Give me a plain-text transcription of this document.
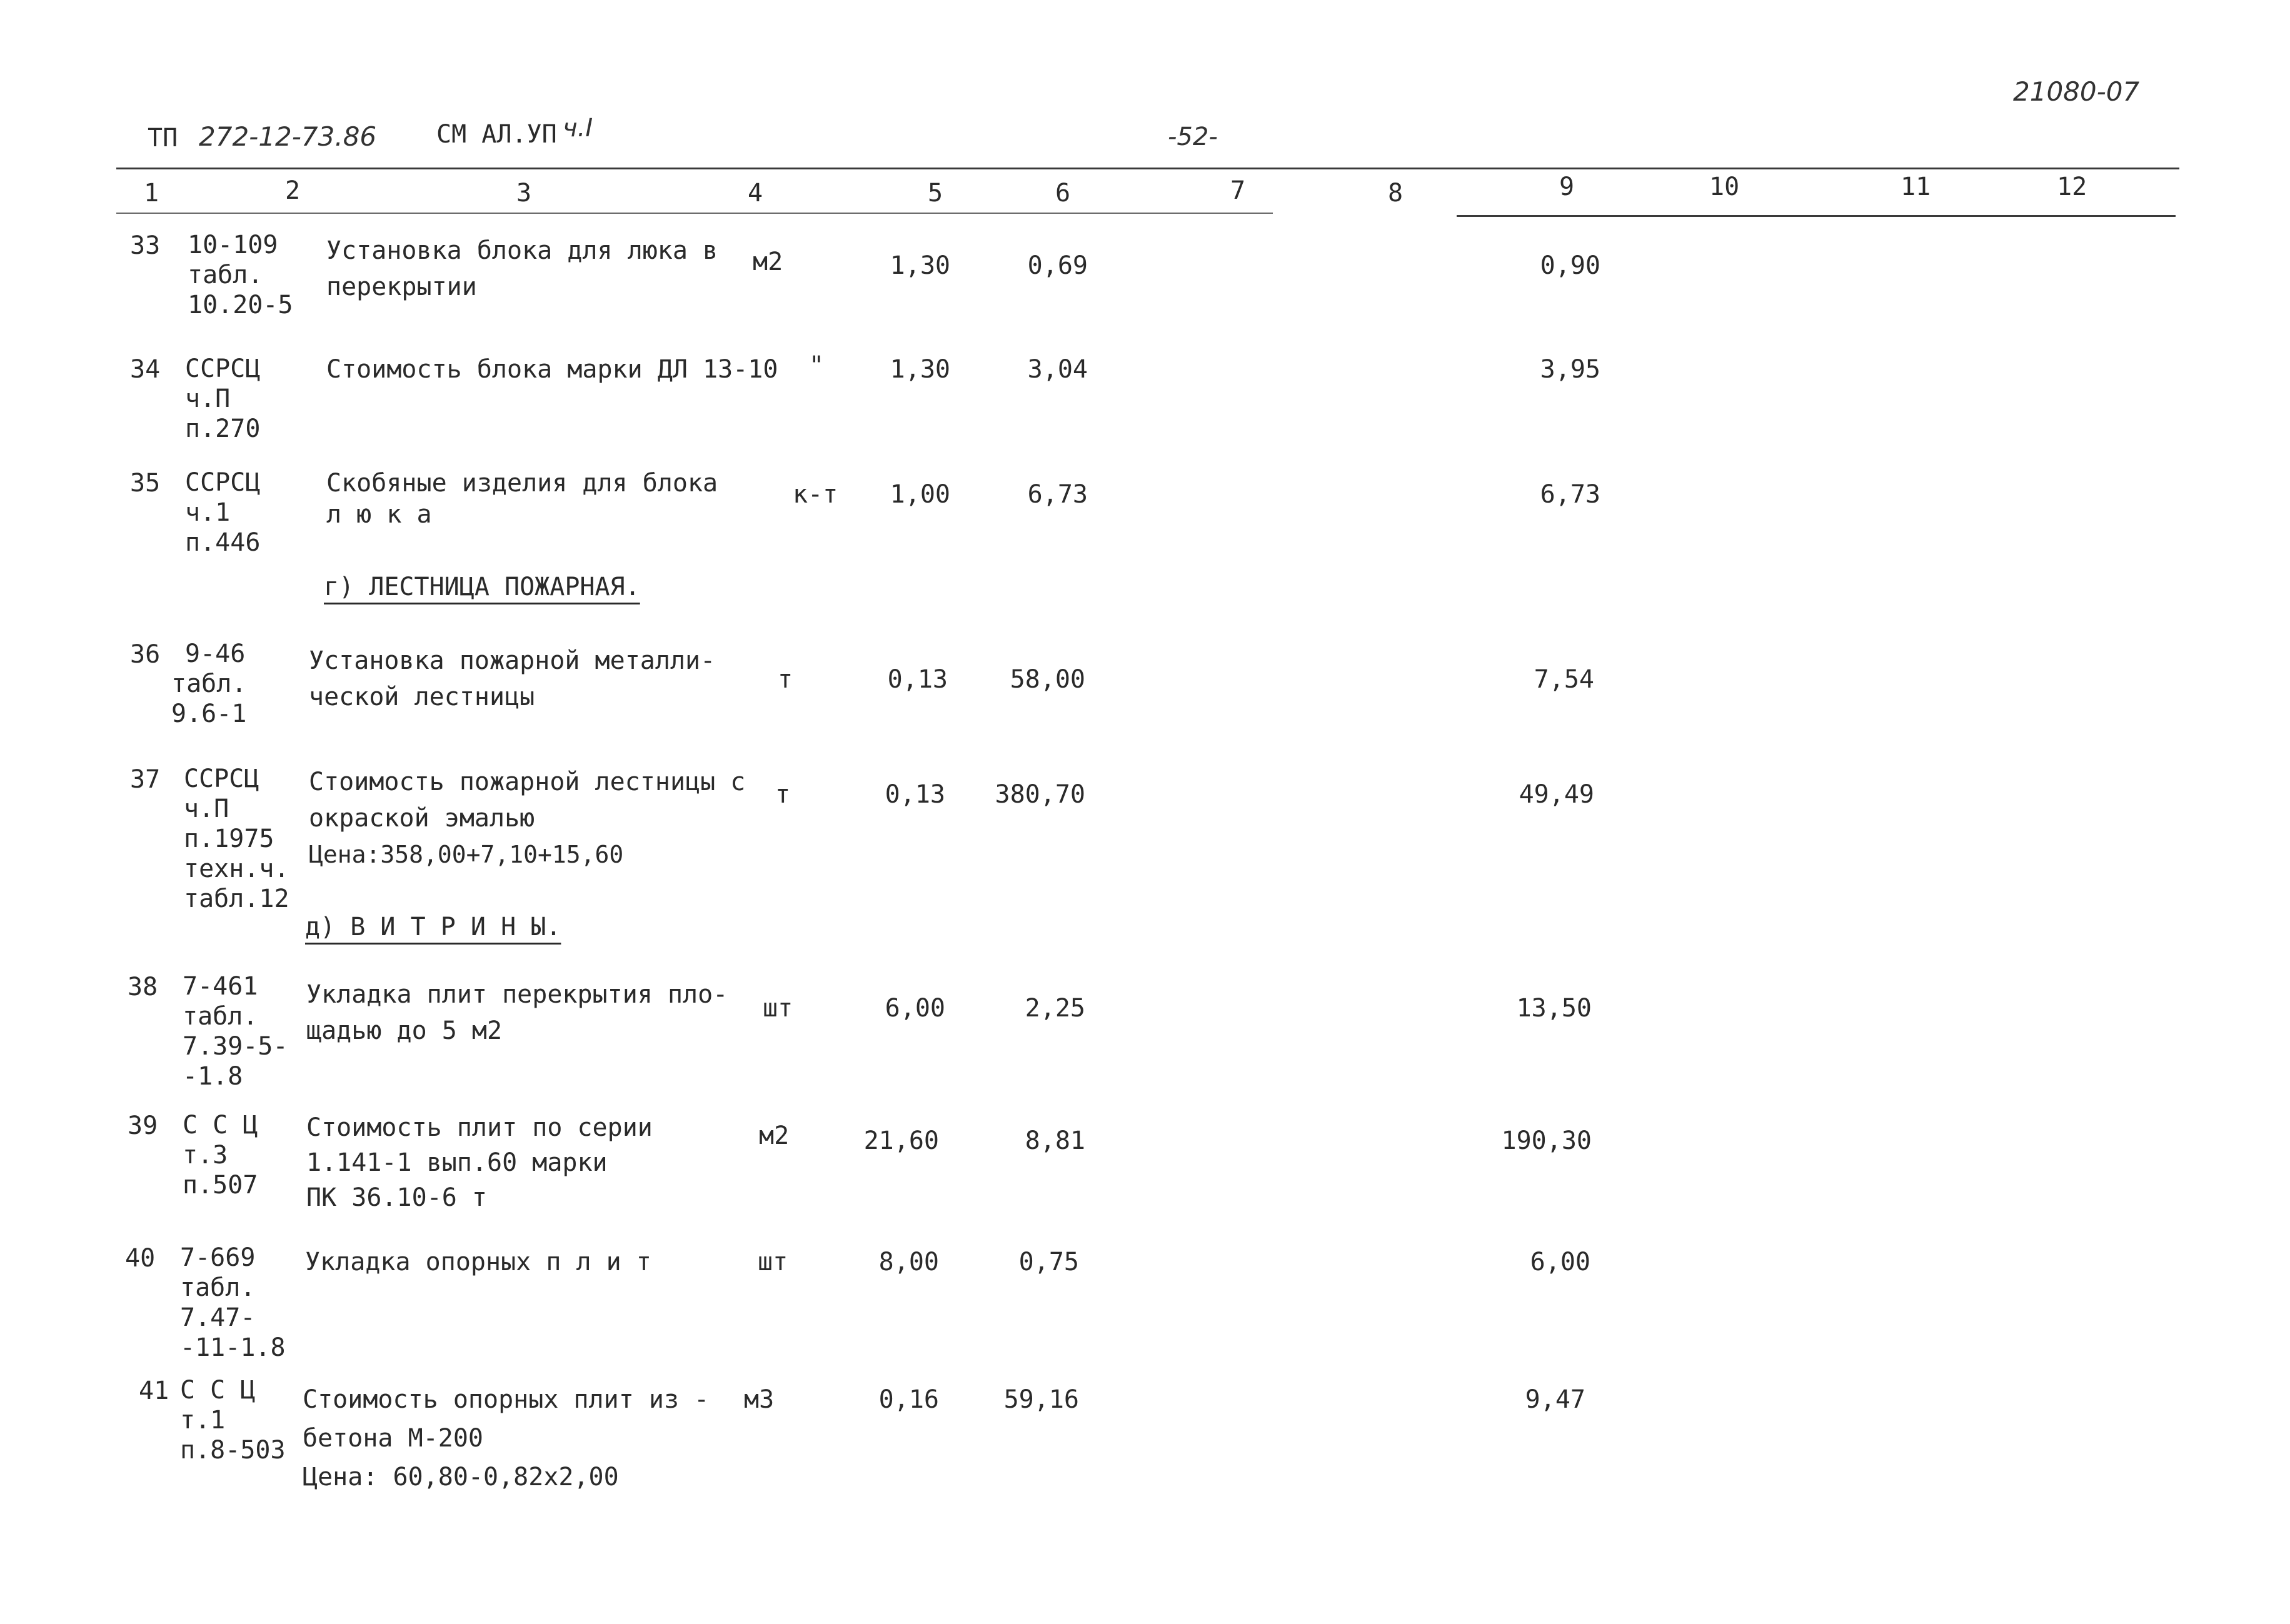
ТП 272-12-73.86 СМ АЛ.УП ч.I	-52-
21080-07
1	2	3	4	5	6	7	8	9	10	11	12
33 10-109
табл.
10.20-5
Установка блока для люка в
перекрытии
м2	1,30	0,69	0,90
34 ССРСЦ
ч.П
п.270
Стоимость блока марки ДЛ 13-10 "	1,30	3,04	3,95
35 ССРСЦ
ч.1
п.446
Скобяные изделия для блока
л ю к а
к-т	1,00	6,73	6,73
г) ЛЕСТНИЦА ПОЖАРНАЯ.
36 9-46
табл.
9.6-1
Установка пожарной металли-
ческой лестницы
т	0,13	58,00	7,54
37 ССРСЦ
ч.П
п.1975
техн.ч.
табл.12
Стоимость пожарной лестницы с
окраской эмалью
Цена:358,00+7,10+15,60
т	0,13	380,70	49,49
д) В И Т Р И Н Ы.
38 7-461
табл.
7.39-5-
-1.8
Укладка плит перекрытия пло-
щадью до 5 м2
шт	6,00	2,25	13,50
39 С С Ц
т.3
п.507
Стоимость плит по серии
1.141-1 вып.60 марки
ПК 36.10-6 т
м2	21,60	8,81	190,30
40 7-669
табл.
7.47-
-11-1.8
Укладка опорных п л и т	шт	8,00	0,75	6,00
41 С С Ц
т.1
п.8-503
Стоимость опорных плит из -
бетона М-200
Цена: 60,80-0,82х2,00
м3	0,16	59,16	9,47
